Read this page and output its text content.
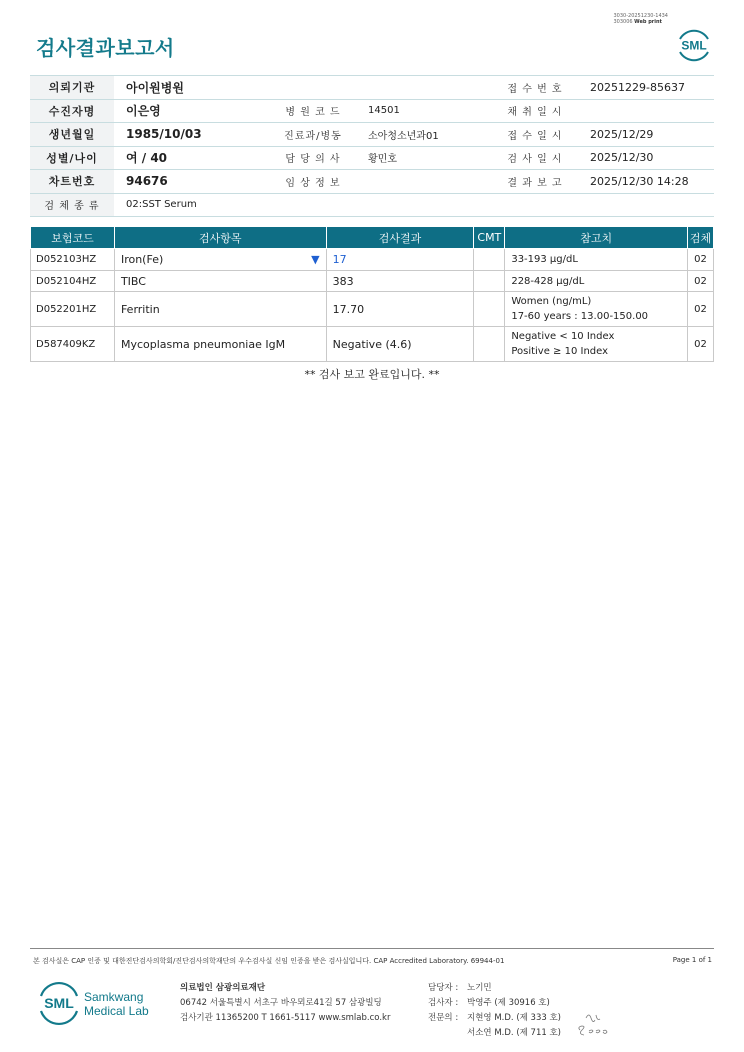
3030-20251230-1434
303006 Web print
검사결과보고서	SML
의뢰기관	아이원병원			접 수 번 호	20251229-85637
수진자명	이은영	병 원 코 드	14501	채 취 일 시	
생년월일	1985/10/03	진료과/병동	소아청소년과01	접 수 일 시	2025/12/29
성별/나이	여 / 40	담 당 의 사	황민호	검 사 일 시	2025/12/30
차트번호	94676	임 상 정 보		결 과 보 고	2025/12/30 14:28
검 체 종 류	02:SST Serum				
보험코드	검사항목	검사결과	CMT	참고치	검체
D052103HZ	Iron(Fe) ▼	17		33-193 μg/dL	02
D052104HZ	TIBC	383		228-428 μg/dL	02
D052201HZ	Ferritin	17.70		Women (ng/mL)
17-60 years : 13.00-150.00	02
D587409KZ	Mycoplasma pneumoniae IgM	Negative (4.6)		Negative < 10 Index
Positive ≥ 10 Index	02
** 검사 보고 완료입니다. **
본 검사실은 CAP 인증 및 대한진단검사의학회/진단검사의학재단의 우수검사실 신임 인증을 받은 검사실입니다. CAP Accredited Laboratory. 69944-01	Page 1 of 1
SML Samkwang
Medical Lab
의료법인 삼광의료재단
06742 서울특별시 서초구 바우뫼로41길 57 삼광빌딩
검사기관 11365200 T 1661-5117 www.smlab.co.kr
담당자 :	노기민
검사자 :	박영주 (제 30916 호)
전문의 :	지현영 M.D. (제 333 호)
서소연 M.D. (제 711 호)
